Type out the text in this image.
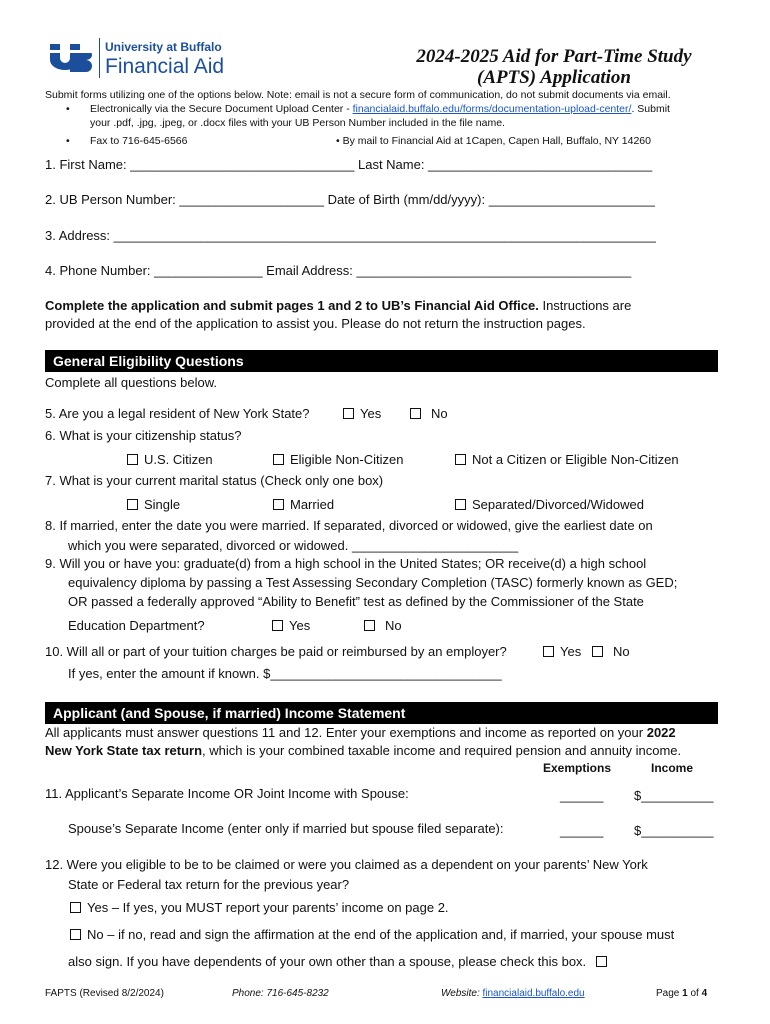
University at Buffalo
Financial Aid	2024-2025 Aid for Part-Time Study
(APTS) Application
Submit forms utilizing one of the options below. Note: email is not a secure form of communication, do not submit documents via email.
• Electronically via the Secure Document Upload Center - financialaid.buffalo.edu/forms/documentation-upload-center/. Submit
your .pdf, .jpg, .jpeg, or .docx files with your UB Person Number included in the file name.
• Fax to 716-645-6566	• By mail to Financial Aid at 1Capen, Capen Hall, Buffalo, NY 14260
1. First Name: _______________________________ Last Name: _______________________________
2. UB Person Number: ____________________ Date of Birth (mm/dd/yyyy): _______________________
3. Address: ___________________________________________________________________________
4. Phone Number: _______________ Email Address: ______________________________________
Complete the application and submit pages 1 and 2 to UB’s Financial Aid Office. Instructions are
provided at the end of the application to assist you. Please do not return the instruction pages.
General Eligibility Questions
Complete all questions below.
5. Are you a legal resident of New York State?	Yes	No
6. What is your citizenship status?
U.S. Citizen	Eligible Non-Citizen	Not a Citizen or Eligible Non-Citizen
7. What is your current marital status (Check only one box)
Single	Married	Separated/Divorced/Widowed
8. If married, enter the date you were married. If separated, divorced or widowed, give the earliest date on
which you were separated, divorced or widowed. _______________________
9. Will you or have you: graduate(d) from a high school in the United States; OR receive(d) a high school
equivalency diploma by passing a Test Assessing Secondary Completion (TASC) formerly known as GED;
OR passed a federally approved “Ability to Benefit” test as defined by the Commissioner of the State
Education Department?	Yes	No
10. Will all or part of your tuition charges be paid or reimbursed by an employer?	Yes	No
If yes, enter the amount if known. $________________________________
Applicant (and Spouse, if married) Income Statement
All applicants must answer questions 11 and 12. Enter your exemptions and income as reported on your 2022
New York State tax return, which is your combined taxable income and required pension and annuity income.
Exemptions	Income
11. Applicant’s Separate Income OR Joint Income with Spouse:	______ $__________
Spouse’s Separate Income (enter only if married but spouse filed separate):	______ $__________
12. Were you eligible to be to be claimed or were you claimed as a dependent on your parents’ New York
State or Federal tax return for the previous year?
Yes – If yes, you MUST report your parents’ income on page 2.
No – if no, read and sign the affirmation at the end of the application and, if married, your spouse must
also sign. If you have dependents of your own other than a spouse, please check this box.
FAPTS (Revised 8/2/2024)	Phone: 716-645-8232	Website: financialaid.buffalo.edu	Page 1 of 4
